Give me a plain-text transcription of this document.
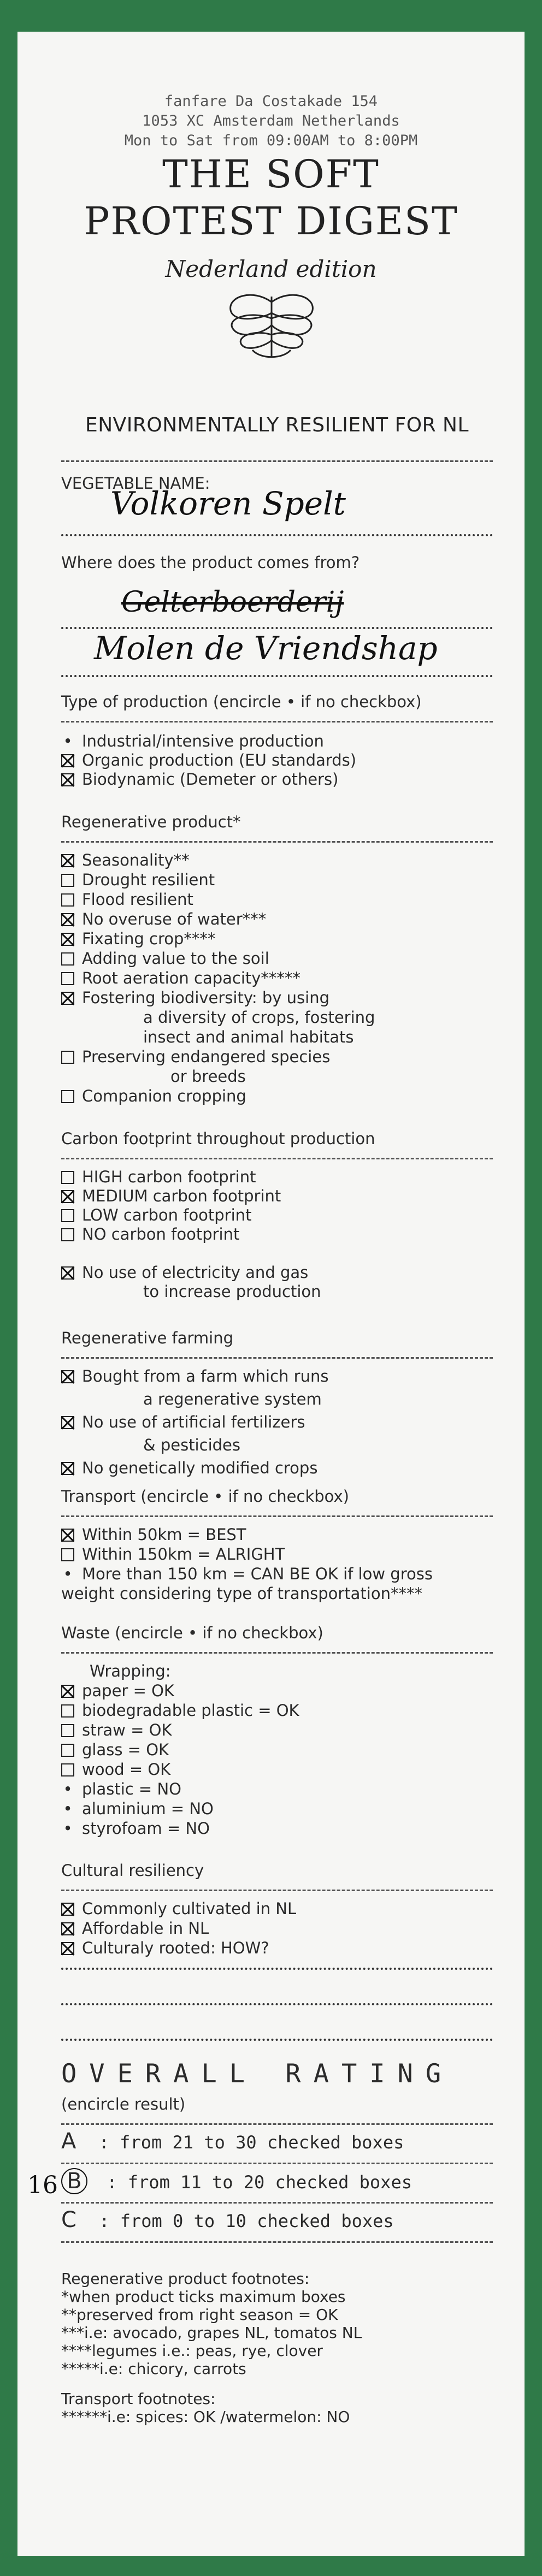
fanfare Da Costakade 154
1053 XC Amsterdam Netherlands
Mon to Sat from 09:00AM to 8:00PM
THE SOFT
PROTEST DIGEST
Nederland edition
ENVIRONMENTALLY RESILIENT FOR NL
VEGETABLE NAME:
Volkoren Spelt
Where does the product comes from?
Gelterboerderij
Molen de Vriendshap
Type of production (encircle • if no checkbox)
• Industrial/intensive production
Organic production (EU standards)
Biodynamic (Demeter or others)
Regenerative product*
Seasonality**
Drought resilient
Flood resilient
No overuse of water***
Fixating crop****
Adding value to the soil
Root aeration capacity*****
Fostering biodiversity: by using
a diversity of crops, fostering
insect and animal habitats
Preserving endangered species
or breeds
Companion cropping
Carbon footprint throughout production
HIGH carbon footprint
MEDIUM carbon footprint
LOW carbon footprint
NO carbon footprint
No use of electricity and gas
to increase production
Regenerative farming
Bought from a farm which runs
a regenerative system
No use of artificial fertilizers
& pesticides
No genetically modified crops
Transport (encircle • if no checkbox)
Within 50km = BEST
Within 150km = ALRIGHT
• More than 150 km = CAN BE OK if low gross
weight considering type of transportation****
Waste (encircle • if no checkbox)
Wrapping:
paper = OK
biodegradable plastic = OK
straw = OK
glass = OK
wood = OK
• plastic = NO
• aluminium = NO
• styrofoam = NO
Cultural resiliency
Commonly cultivated in NL
Affordable in NL
Culturaly rooted: HOW?
OVERALL RATING
(encircle result)
A : from 21 to 30 checked boxes
16 B : from 11 to 20 checked boxes
C : from 0 to 10 checked boxes
Regenerative product footnotes:
*when product ticks maximum boxes
**preserved from right season = OK
***i.e: avocado, grapes NL, tomatos NL
****legumes i.e.: peas, rye, clover
*****i.e: chicory, carrots
Transport footnotes:
******i.e: spices: OK /watermelon: NO
